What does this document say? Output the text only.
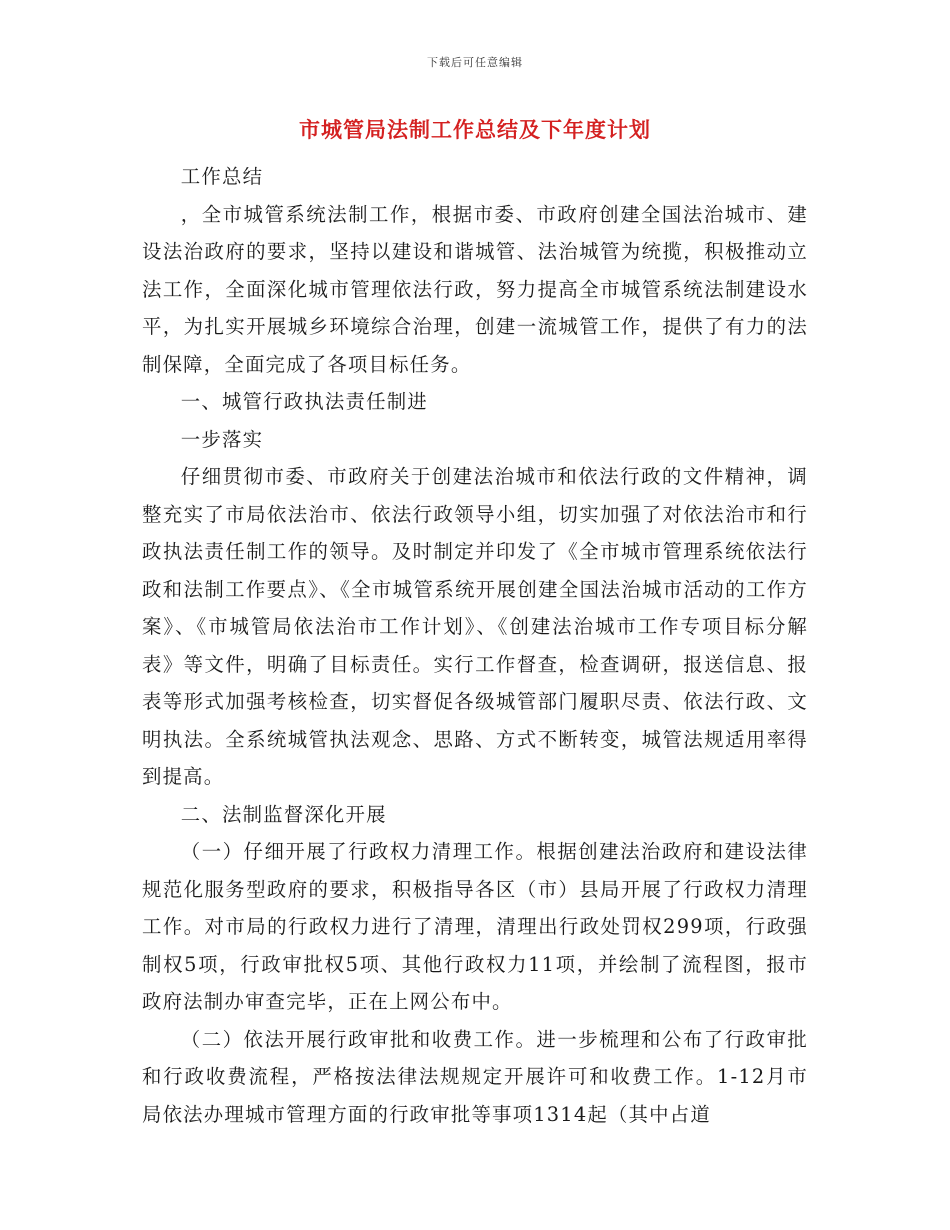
下载后可任意编辑
市城管局法制工作总结及下年度计划

工作总结

，全市城管系统法制工作，根据市委、市政府创建全国法治城市、建设法治政府的要求，坚持以建设和谐城管、法治城管为统揽，积极推动立法工作，全面深化城市管理依法行政，努力提高全市城管系统法制建设水平，为扎实开展城乡环境综合治理，创建一流城管工作，提供了有力的法制保障，全面完成了各项目标任务。

一、城管行政执法责任制进

一步落实

仔细贯彻市委、市政府关于创建法治城市和依法行政的文件精神，调整充实了市局依法治市、依法行政领导小组，切实加强了对依法治市和行政执法责任制工作的领导。及时制定并印发了《全市城市管理系统依法行政和法制工作要点》、《全市城管系统开展创建全国法治城市活动的工作方案》、《市城管局依法治市工作计划》、《创建法治城市工作专项目标分解表》等文件，明确了目标责任。实行工作督查，检查调研，报送信息、报表等形式加强考核检查，切实督促各级城管部门履职尽责、依法行政、文明执法。全系统城管执法观念、思路、方式不断转变，城管法规适用率得到提高。

二、法制监督深化开展

（一）仔细开展了行政权力清理工作。根据创建法治政府和建设法律规范化服务型政府的要求，积极指导各区（市）县局开展了行政权力清理工作。对市局的行政权力进行了清理，清理出行政处罚权299项，行政强制权5项，行政审批权5项、其他行政权力11项，并绘制了流程图，报市政府法制办审查完毕，正在上网公布中。

（二）依法开展行政审批和收费工作。进一步梳理和公布了行政审批和行政收费流程，严格按法律法规规定开展许可和收费工作。1-12月市局依法办理城市管理方面的行政审批等事项1314起（其中占道
